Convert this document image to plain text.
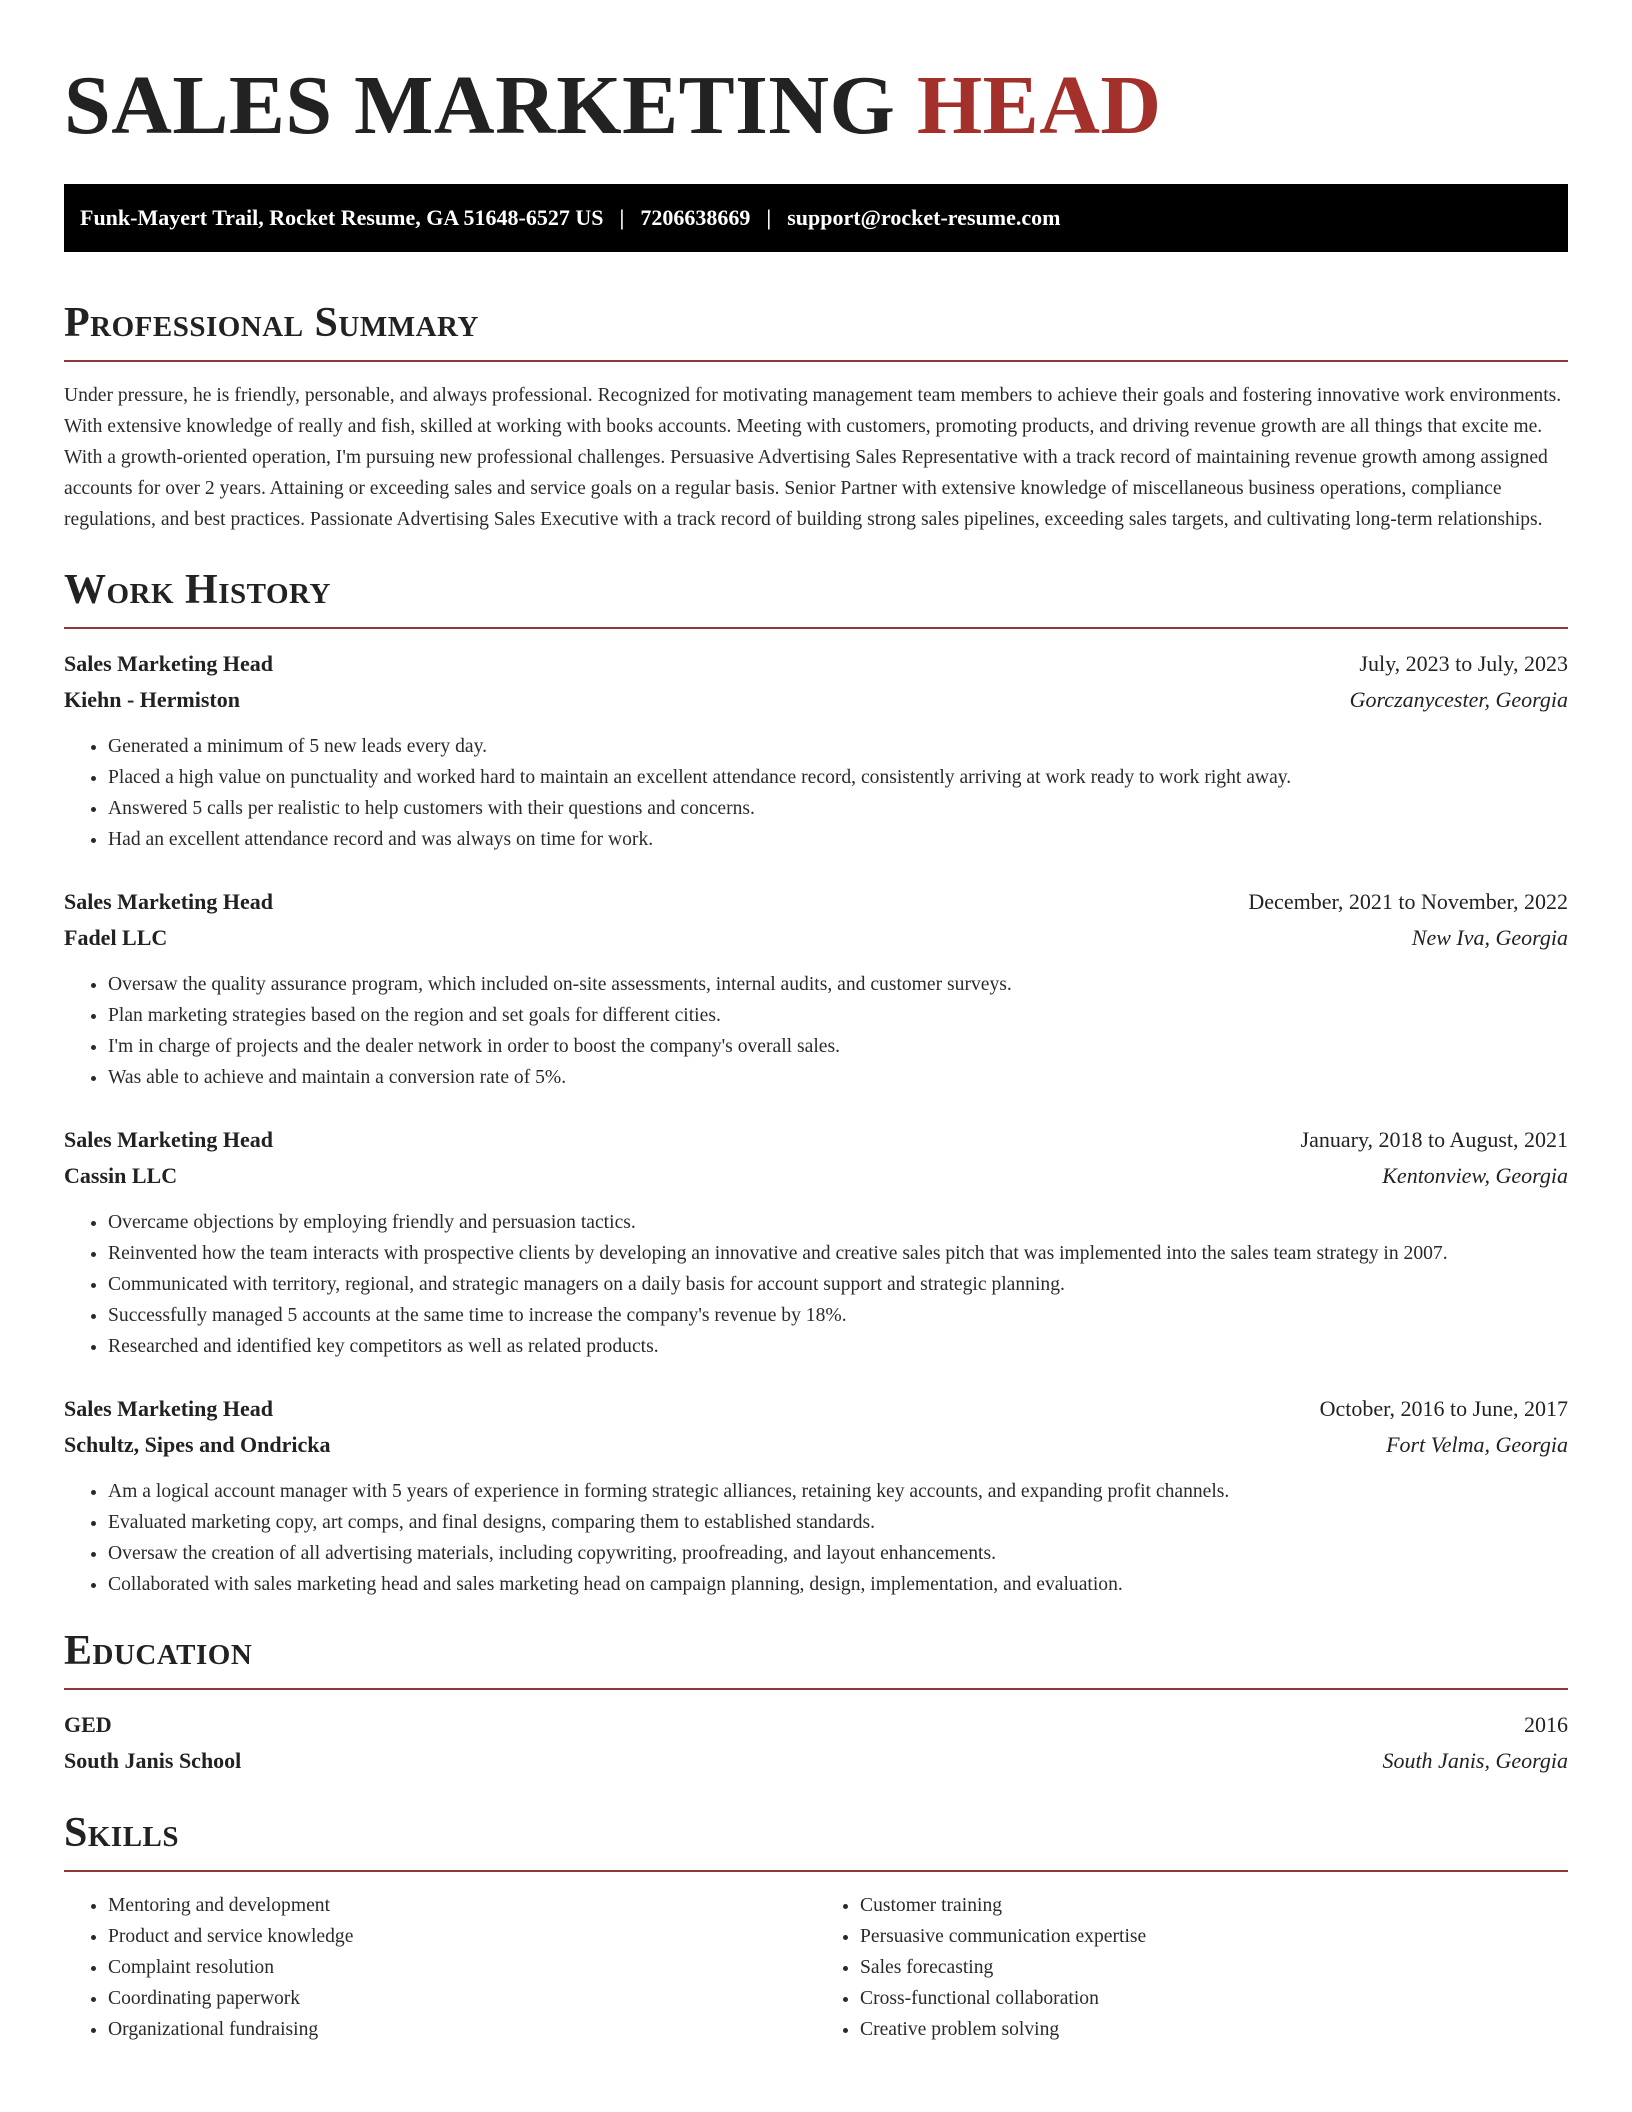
SALES MARKETING HEAD
Funk-Mayert Trail, Rocket Resume, GA 51648-6527 US | 7206638669 | support@rocket-resume.com
Professional Summary

Under pressure, he is friendly, personable, and always professional. Recognized for motivating management team members to achieve their goals and fostering innovative work environments. With extensive knowledge of really and fish, skilled at working with books accounts. Meeting with customers, promoting products, and driving revenue growth are all things that excite me. With a growth-oriented operation, I'm pursuing new professional challenges. Persuasive Advertising Sales Representative with a track record of maintaining revenue growth among assigned accounts for over 2 years. Attaining or exceeding sales and service goals on a regular basis. Senior Partner with extensive knowledge of miscellaneous business operations, compliance regulations, and best practices. Passionate Advertising Sales Executive with a track record of building strong sales pipelines, exceeding sales targets, and cultivating long-term relationships.

Work History
Sales Marketing Head	July, 2023 to July, 2023
Kiehn - Hermiston	Gorczanycester, Georgia
• Generated a minimum of 5 new leads every day.
• Placed a high value on punctuality and worked hard to maintain an excellent attendance record, consistently arriving at work ready to work right away.
• Answered 5 calls per realistic to help customers with their questions and concerns.
• Had an excellent attendance record and was always on time for work.
Sales Marketing Head	December, 2021 to November, 2022
Fadel LLC	New Iva, Georgia
• Oversaw the quality assurance program, which included on-site assessments, internal audits, and customer surveys.
• Plan marketing strategies based on the region and set goals for different cities.
• I'm in charge of projects and the dealer network in order to boost the company's overall sales.
• Was able to achieve and maintain a conversion rate of 5%.
Sales Marketing Head	January, 2018 to August, 2021
Cassin LLC	Kentonview, Georgia
• Overcame objections by employing friendly and persuasion tactics.
• Reinvented how the team interacts with prospective clients by developing an innovative and creative sales pitch that was implemented into the sales team strategy in 2007.
• Communicated with territory, regional, and strategic managers on a daily basis for account support and strategic planning.
• Successfully managed 5 accounts at the same time to increase the company's revenue by 18%.
• Researched and identified key competitors as well as related products.
Sales Marketing Head	October, 2016 to June, 2017
Schultz, Sipes and Ondricka	Fort Velma, Georgia
• Am a logical account manager with 5 years of experience in forming strategic alliances, retaining key accounts, and expanding profit channels.
• Evaluated marketing copy, art comps, and final designs, comparing them to established standards.
• Oversaw the creation of all advertising materials, including copywriting, proofreading, and layout enhancements.
• Collaborated with sales marketing head and sales marketing head on campaign planning, design, implementation, and evaluation.
Education
GED	2016
South Janis School	South Janis, Georgia
Skills
• Mentoring and development
• Product and service knowledge
• Complaint resolution
• Coordinating paperwork
• Organizational fundraising
• Customer training
• Persuasive communication expertise
• Sales forecasting
• Cross-functional collaboration
• Creative problem solving
